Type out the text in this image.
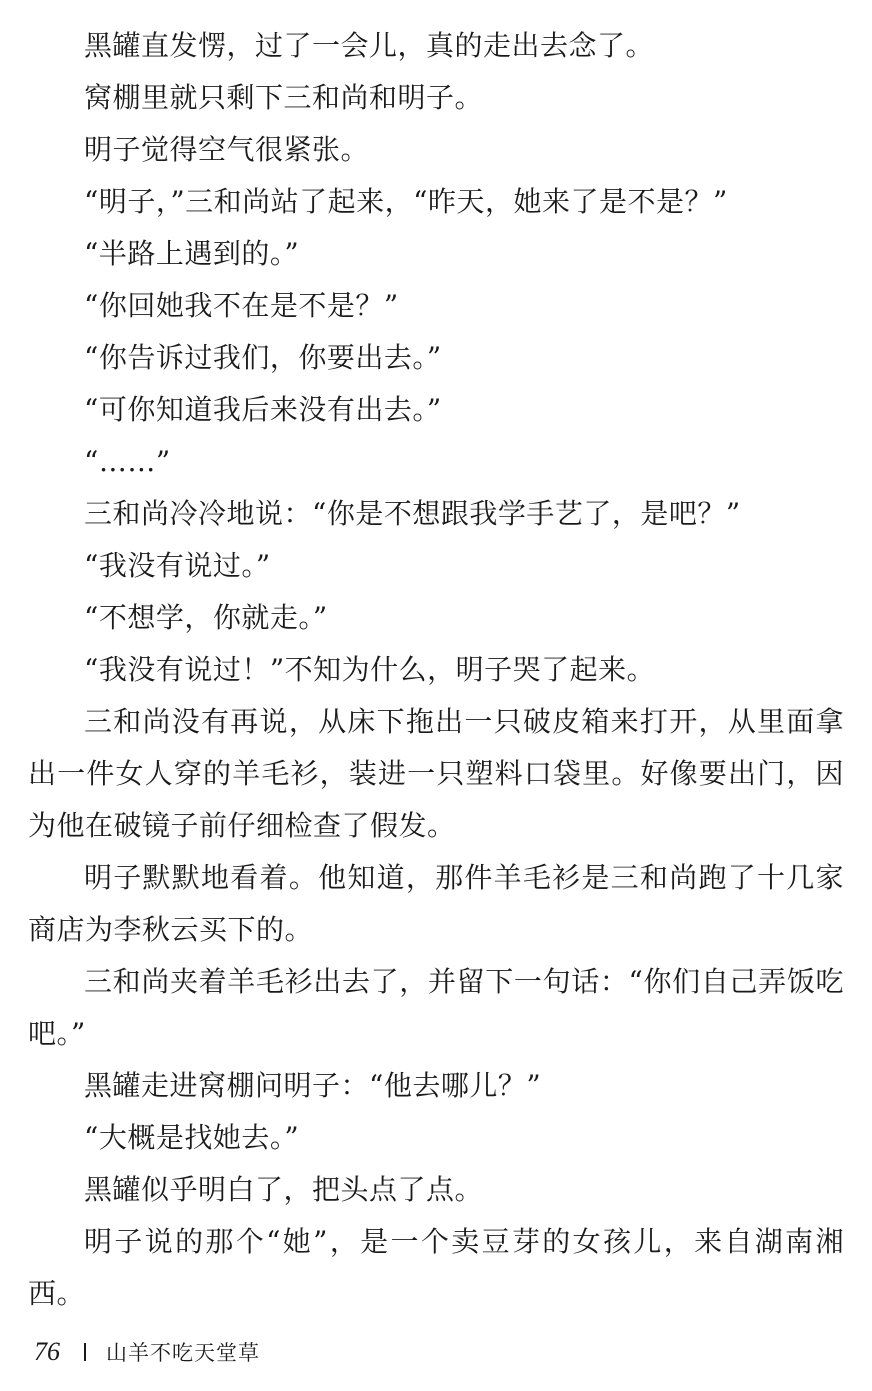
黑罐直发愣，过了一会儿，真的走出去念了。

窝棚里就只剩下三和尚和明子。

明子觉得空气很紧张。

“明子，”三和尚站了起来，“昨天，她来了是不是？”

“半路上遇到的。”

“你回她我不在是不是？”

“你告诉过我们，你要出去。”

“可你知道我后来没有出去。”

“……”

三和尚冷冷地说：“你是不想跟我学手艺了，是吧？”

“我没有说过。”

“不想学，你就走。”

“我没有说过！”不知为什么，明子哭了起来。

三和尚没有再说，从床下拖出一只破皮箱来打开，从里面拿出一件女人穿的羊毛衫，装进一只塑料口袋里。好像要出门，因为他在破镜子前仔细检查了假发。

明子默默地看着。他知道，那件羊毛衫是三和尚跑了十几家商店为李秋云买下的。

三和尚夹着羊毛衫出去了，并留下一句话：“你们自己弄饭吃吧。”

黑罐走进窝棚问明子：“他去哪儿？”

“大概是找她去。”

黑罐似乎明白了，把头点了点。

明子说的那个“她”，是一个卖豆芽的女孩儿，来自湖南湘西。

76 山羊不吃天堂草
